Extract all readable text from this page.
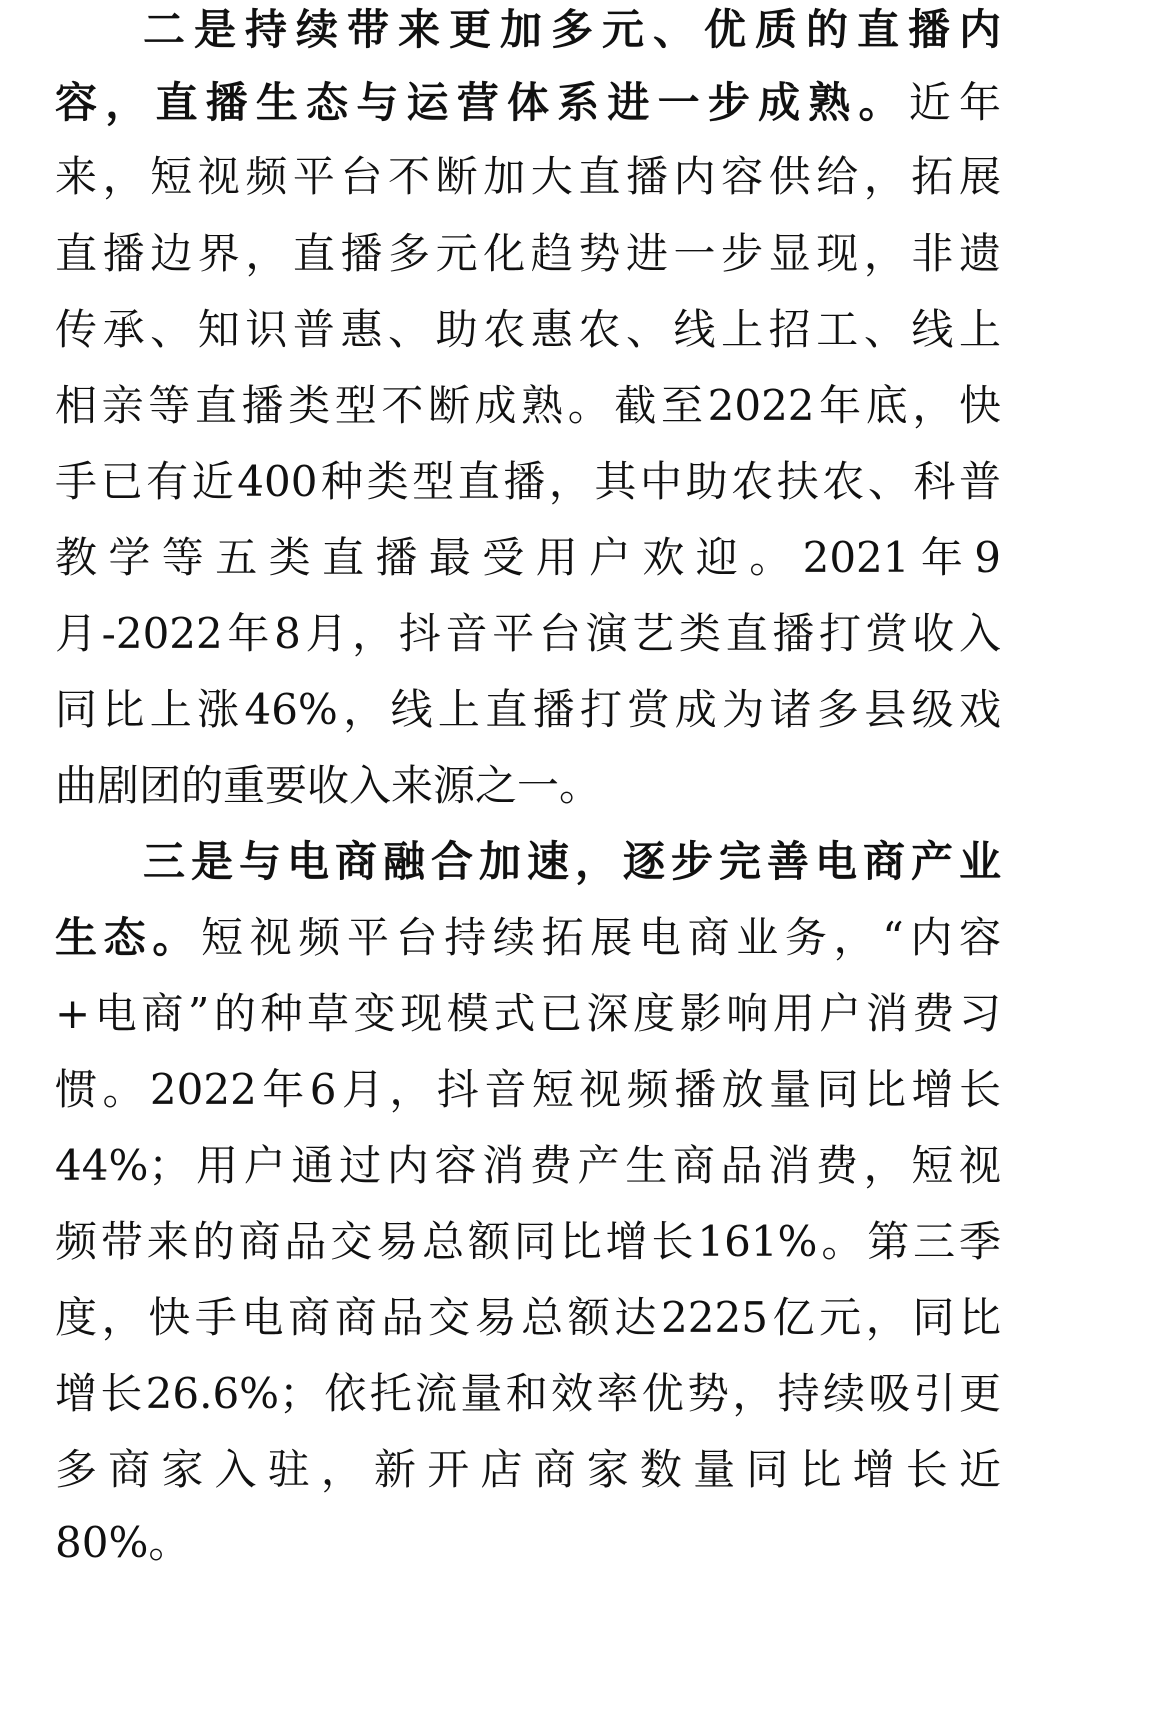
二是持续带来更加多元、优质的直播内
容，直播生态与运营体系进一步成熟。近年
来，短视频平台不断加大直播内容供给，拓展
直播边界，直播多元化趋势进一步显现，非遗
传承、知识普惠、助农惠农、线上招工、线上
相亲等直播类型不断成熟。截至2022年底，快
手已有近400种类型直播，其中助农扶农、科普
教学等五类直播最受用户欢迎。2021年9
月-2022年8月，抖音平台演艺类直播打赏收入
同比上涨46%，线上直播打赏成为诸多县级戏
曲剧团的重要收入来源之一。
三是与电商融合加速，逐步完善电商产业
生态。短视频平台持续拓展电商业务，“内容
+电商”的种草变现模式已深度影响用户消费习
惯。2022年6月，抖音短视频播放量同比增长
44%；用户通过内容消费产生商品消费，短视
频带来的商品交易总额同比增长161%。第三季
度，快手电商商品交易总额达2225亿元，同比
增长26.6%；依托流量和效率优势，持续吸引更
多商家入驻，新开店商家数量同比增长近
80%。
